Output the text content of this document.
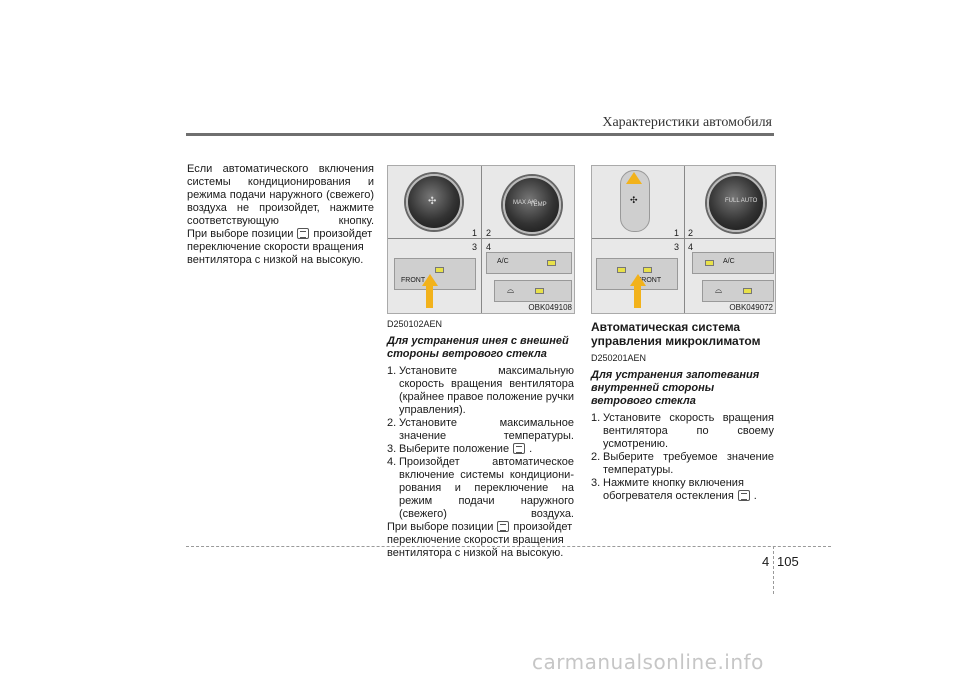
Характеристики автомобиля

Если автоматического включения системы кондиционирования и режима подачи наружного (свежего) воздуха не произойдет, нажмите соответствующую кнопку.

При выборе позиции произойдет переключение скорости вращения вентилятора с низкой на высокую.

✣	TEMP
MAX A/C
1 2
3 4
FRONT
A/C
⌓
OBK049108
✣	FULL AUTO
1 2
3 4
FRONT
A/C
⌓
OBK049072

D250102AEN

Для устранения инея с внешней стороны ветрового стекла

1. Установите максимальную скорость вращения вентилятора (крайнее правое положение ручки управления).
2. Установите максимальное значение температуры.
3. Выберите положение .
4. Произойдет автоматическое включение системы кондициони-рования и переключение на режим подачи наружного (свежего) воздуха.

При выборе позиции произойдет переключение скорости вращения вентилятора с низкой на высокую.

Автоматическая система управления микроклиматом

D250201AEN

Для устранения запотевания внутренней стороны ветрового стекла

1. Установите скорость вращения вентилятора по своему усмотрению.
2. Выберите требуемое значение температуры.
3. Нажмите кнопку включения обогревателя остекления .
4 105
carmanualsonline.info
